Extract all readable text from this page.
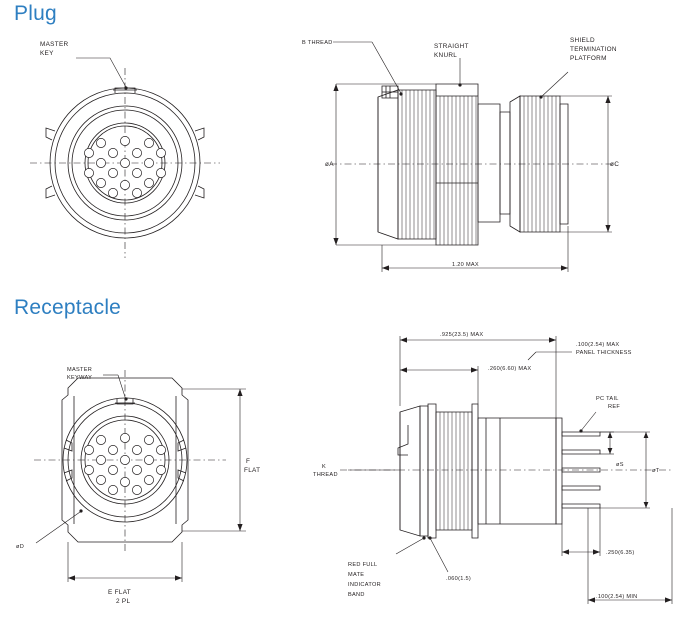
Plug
Receptacle
MASTER
KEY
øA	øC
1.20 MAX
B THREAD	STRAIGHT
KNURL
SHIELD
TERMINATION
PLATFORM
MASTER
KEYWAY
F
FLAT
øD
E FLAT
2 PL
K
THREAD
.925(23.5) MAX
.260(6.60) MAX
.100(2.54) MAX
PANEL THICKNESS
PC TAIL
REF
øS
øT
.250(6.35)
.100(2.54) MIN
.060(1.5)
RED FULL
MATE
INDICATOR
BAND
